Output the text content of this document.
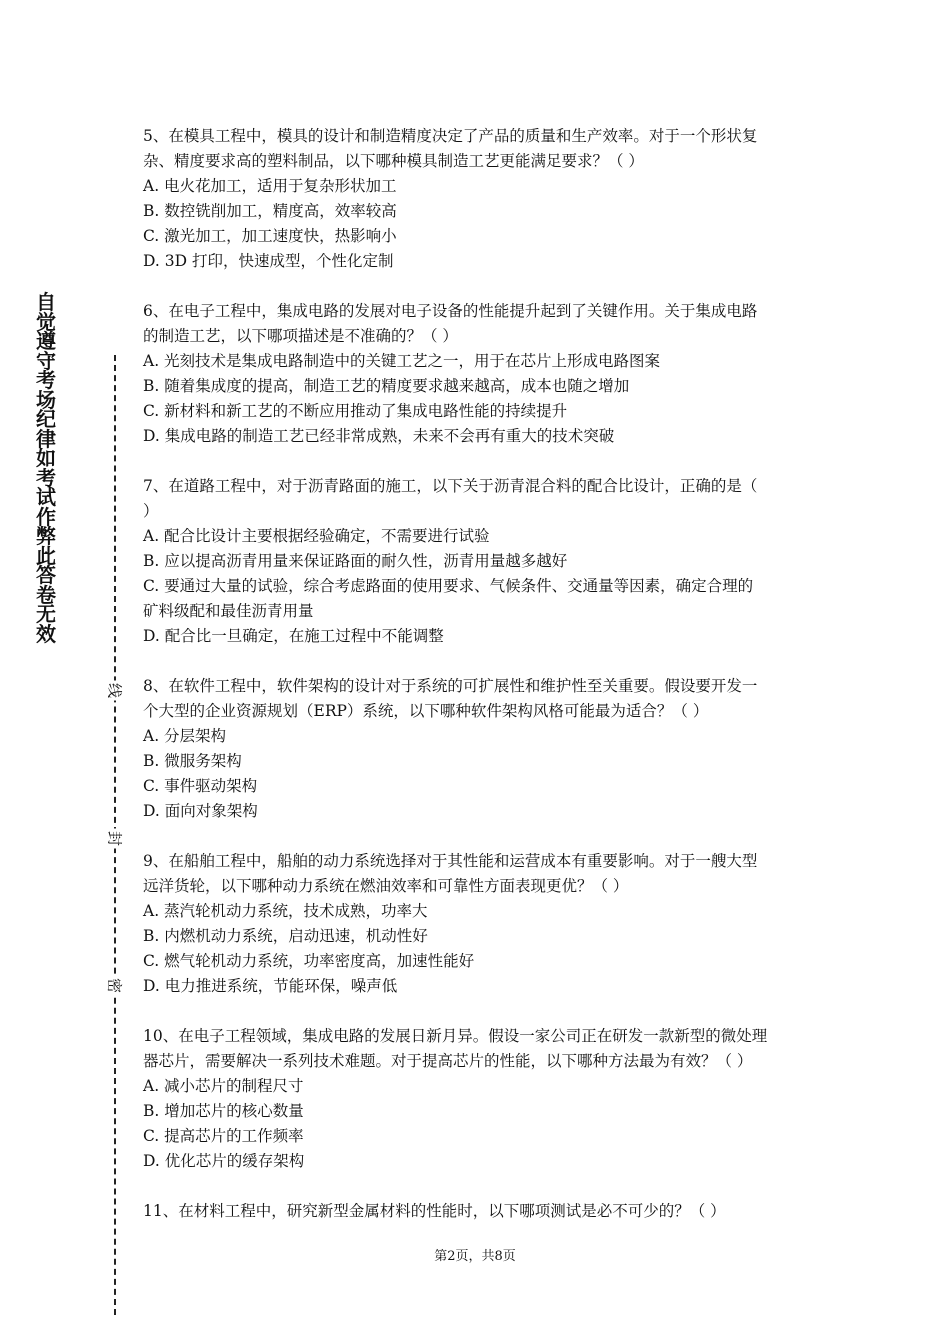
自觉遵守考场纪律如考试作弊此答卷无效
线
封
密
5、在模具工程中，模具的设计和制造精度决定了产品的质量和生产效率。对于一个形状复
杂、精度要求高的塑料制品，以下哪种模具制造工艺更能满足要求？（ ）
A. 电火花加工，适用于复杂形状加工
B. 数控铣削加工，精度高，效率较高
C. 激光加工，加工速度快，热影响小
D. 3D 打印，快速成型，个性化定制
6、在电子工程中，集成电路的发展对电子设备的性能提升起到了关键作用。关于集成电路
的制造工艺，以下哪项描述是不准确的？（ ）
A. 光刻技术是集成电路制造中的关键工艺之一，用于在芯片上形成电路图案
B. 随着集成度的提高，制造工艺的精度要求越来越高，成本也随之增加
C. 新材料和新工艺的不断应用推动了集成电路性能的持续提升
D. 集成电路的制造工艺已经非常成熟，未来不会再有重大的技术突破
7、在道路工程中，对于沥青路面的施工，以下关于沥青混合料的配合比设计，正确的是（
）
A. 配合比设计主要根据经验确定，不需要进行试验
B. 应以提高沥青用量来保证路面的耐久性，沥青用量越多越好
C. 要通过大量的试验，综合考虑路面的使用要求、气候条件、交通量等因素，确定合理的
矿料级配和最佳沥青用量
D. 配合比一旦确定，在施工过程中不能调整
8、在软件工程中，软件架构的设计对于系统的可扩展性和维护性至关重要。假设要开发一
个大型的企业资源规划（ERP）系统，以下哪种软件架构风格可能最为适合？（ ）
A. 分层架构
B. 微服务架构
C. 事件驱动架构
D. 面向对象架构
9、在船舶工程中，船舶的动力系统选择对于其性能和运营成本有重要影响。对于一艘大型
远洋货轮，以下哪种动力系统在燃油效率和可靠性方面表现更优？（ ）
A. 蒸汽轮机动力系统，技术成熟，功率大
B. 内燃机动力系统，启动迅速，机动性好
C. 燃气轮机动力系统，功率密度高，加速性能好
D. 电力推进系统，节能环保，噪声低
10、在电子工程领域，集成电路的发展日新月异。假设一家公司正在研发一款新型的微处理
器芯片，需要解决一系列技术难题。对于提高芯片的性能，以下哪种方法最为有效？（ ）
A. 减小芯片的制程尺寸
B. 增加芯片的核心数量
C. 提高芯片的工作频率
D. 优化芯片的缓存架构
11、在材料工程中，研究新型金属材料的性能时，以下哪项测试是必不可少的？（ ）
第2页，共8页
